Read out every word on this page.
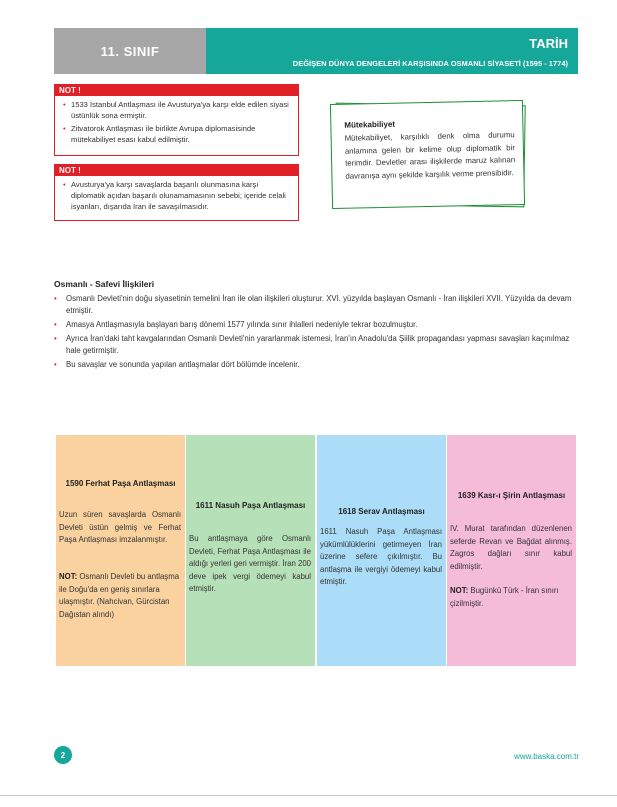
11. SINIF	TARİH
DEĞİŞEN DÜNYA DENGELERİ KARŞISINDA OSMANLI SİYASETİ (1595 - 1774)
NOT !
• 1533 İstanbul Antlaşması ile Avusturya'ya karşı elde edilen siyasi üstünlük sona ermiştir.
• Zitvatorok Antlaşması ile birlikte Avrupa diplomasisinde mütekabiliyet esası kabul edilmiştir.
NOT !
• Avusturya'ya karşı savaşlarda başarılı olunmasına karşı diplomatik açıdan başarılı olunamamasının sebebi; içeride celali isyanları, dışarıda İran ile savaşılmasıdır.
Mütekabiliyet
Mütekabiliyet, karşılıklı denk olma durumu anlamına gelen bir kelime olup diplomatik bir terimdir. Devletler arası ilişkilerde maruz kalınan davranışa aynı şekilde karşılık verme prensibidir.
Osmanlı - Safevi İlişkileri
• Osmanlı Devleti'nin doğu siyasetinin temelini İran ile olan ilişkileri oluşturur. XVI. yüzyılda başlayan Osmanlı - İran ilişkileri XVII. Yüzyılda da devam etmiştir.
• Amasya Antlaşmasıyla başlayan barış dönemi 1577 yılında sınır ihlalleri nedeniyle tekrar bozulmuştur.
• Ayrıca İran'daki taht kavgalarından Osmanlı Devleti'nin yararlanmak istemesi, İran'ın Anadolu'da Şiilik propagandası yapması savaşları kaçınılmaz hale getirmiştir.
• Bu savaşlar ve sonunda yapılan antlaşmalar dört bölümde incelenir.
1590 Ferhat Paşa Antlaşması
Uzun süren savaşlarda Osmanlı Devleti üstün gelmiş ve Ferhat Paşa Antlaşması imzalanmıştır.
NOT: Osmanlı Devleti bu antlaşma ile Doğu'da en geniş sınırlara ulaşmıştır. (Nahcivan, Gürcistan Dağıstan alındı)
1611 Nasuh Paşa Antlaşması
Bu antlaşmaya göre Osmanlı Devleti, Ferhat Paşa Antlaşması ile aldığı yerleri geri vermiştir. İran 200 deve ipek vergi ödemeyi kabul etmiştir.
1618 Serav Antlaşması
1611 Nasuh Paşa Antlaşması yükümlülüklerini getirmeyen İran üzerine sefere çıkılmıştır. Bu antlaşma ile vergiyi ödemeyi kabul etmiştir.
1639 Kasr-ı Şirin Antlaşması
IV. Murat tarafından düzenlenen seferde Revan ve Bağdat alınmış. Zagros dağları sınır kabul edilmiştir.
NOT: Bugünkü Türk - İran sınırı çizilmiştir.
2	www.baska.com.tr
